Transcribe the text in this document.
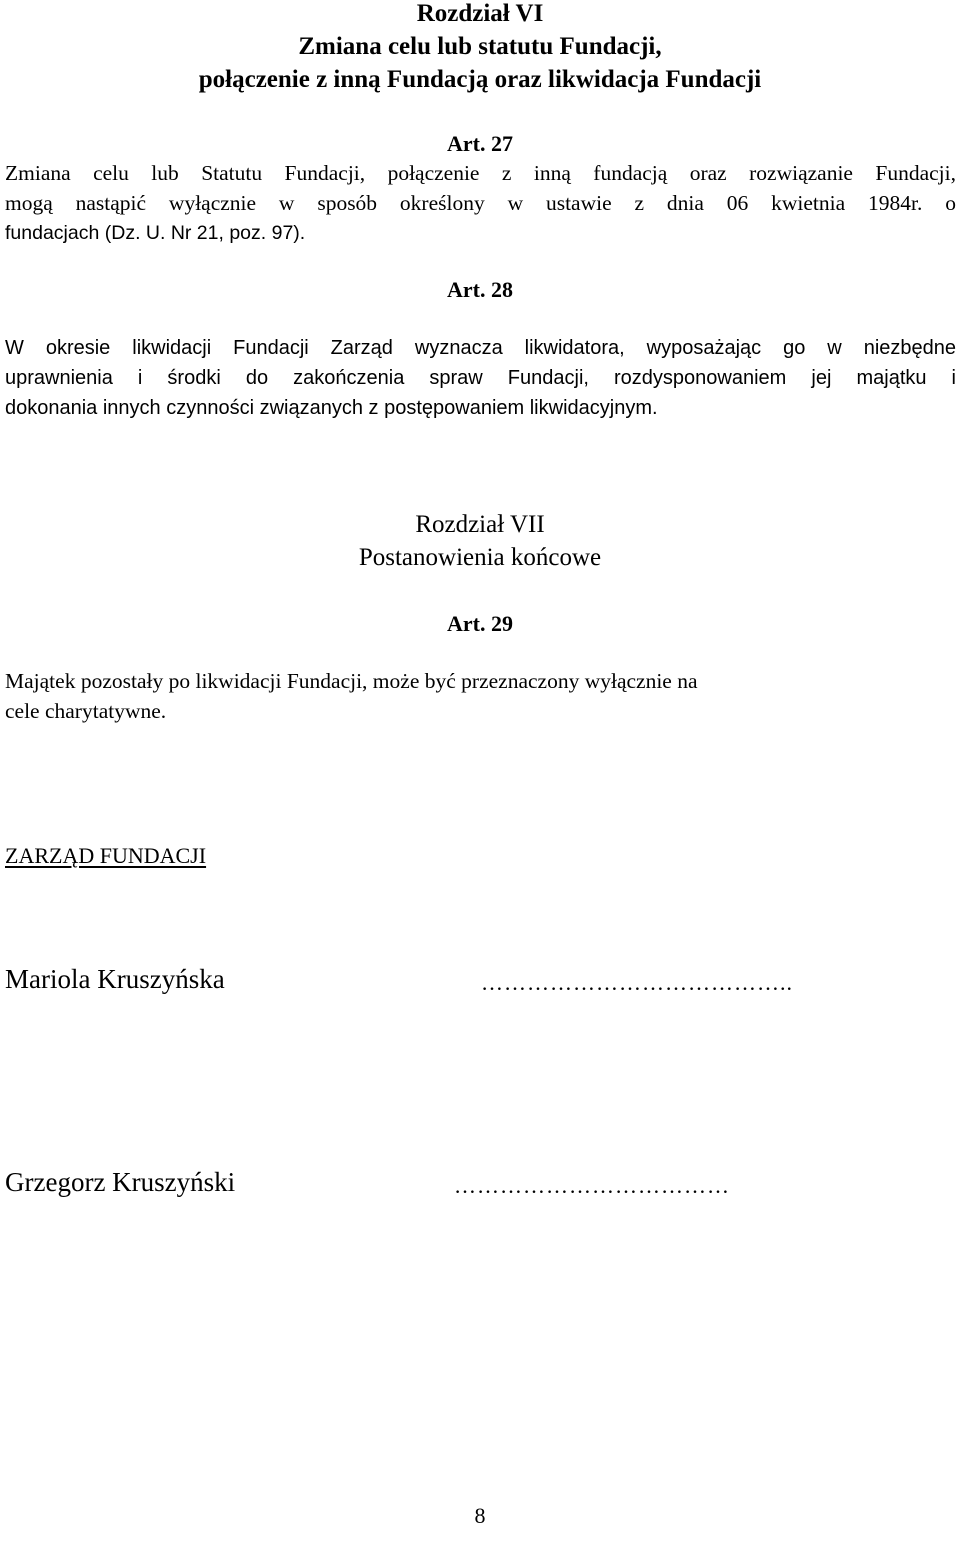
Rozdział VI
Zmiana celu lub statutu Fundacji,
połączenie z inną Fundacją oraz likwidacja Fundacji
Art. 27

Zmiana celu lub Statutu Fundacji, połączenie z inną fundacją oraz rozwiązanie Fundacji,
mogą nastąpić wyłącznie w sposób określony w ustawie z dnia 06 kwietnia 1984r. o
fundacjach (Dz. U. Nr 21, poz. 97).

Art. 28

W okresie likwidacji Fundacji Zarząd wyznacza likwidatora, wyposażając go w niezbędne
uprawnienia i środki do zakończenia spraw Fundacji, rozdysponowaniem jej majątku i
dokonania innych czynności związanych z postępowaniem likwidacyjnym.

Rozdział VII
Postanowienia końcowe
Art. 29

Majątek pozostały po likwidacji Fundacji, może być przeznaczony wyłącznie na
cele charytatywne.

ZARZĄD FUNDACJI
Mariola Kruszyńska	…………………………………..
Grzegorz Kruszyński	………………………………
8
